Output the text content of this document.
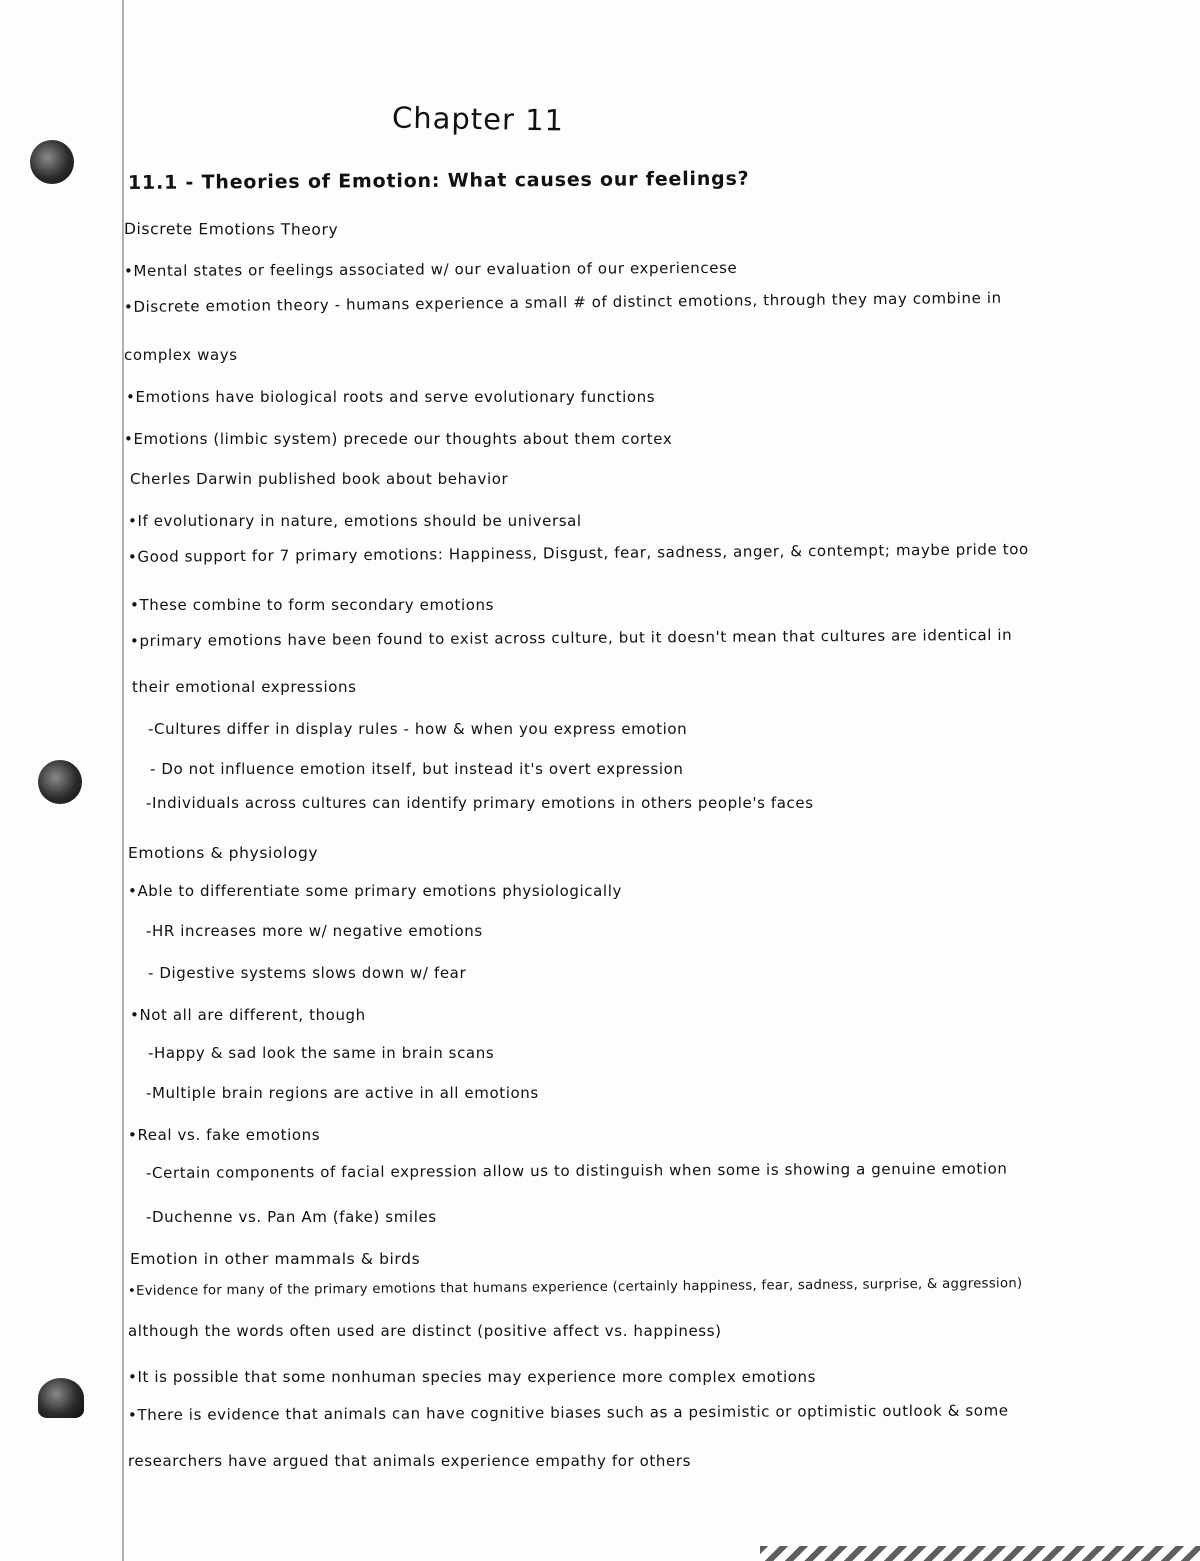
Chapter 11
11.1 - Theories of Emotion: What causes our feelings?
Discrete Emotions Theory
•Mental states or feelings associated w/ our evaluation of our experiencese
•Discrete emotion theory - humans experience a small # of distinct emotions, through they may combine in
complex ways
•Emotions have biological roots and serve evolutionary functions
•Emotions (limbic system) precede our thoughts about them cortex
Cherles Darwin published book about behavior
•If evolutionary in nature, emotions should be universal
•Good support for 7 primary emotions: Happiness, Disgust, fear, sadness, anger, & contempt; maybe pride too
•These combine to form secondary emotions
•primary emotions have been found to exist across culture, but it doesn't mean that cultures are identical in
their emotional expressions
-Cultures differ in display rules - how & when you express emotion
- Do not influence emotion itself, but instead it's overt expression
-Individuals across cultures can identify primary emotions in others people's faces
Emotions & physiology
•Able to differentiate some primary emotions physiologically
-HR increases more w/ negative emotions
- Digestive systems slows down w/ fear
•Not all are different, though
-Happy & sad look the same in brain scans
-Multiple brain regions are active in all emotions
•Real vs. fake emotions
-Certain components of facial expression allow us to distinguish when some is showing a genuine emotion
-Duchenne vs. Pan Am (fake) smiles
Emotion in other mammals & birds
•Evidence for many of the primary emotions that humans experience (certainly happiness, fear, sadness, surprise, & aggression)
although the words often used are distinct (positive affect vs. happiness)
•It is possible that some nonhuman species may experience more complex emotions
•There is evidence that animals can have cognitive biases such as a pesimistic or optimistic outlook & some
researchers have argued that animals experience empathy for others
